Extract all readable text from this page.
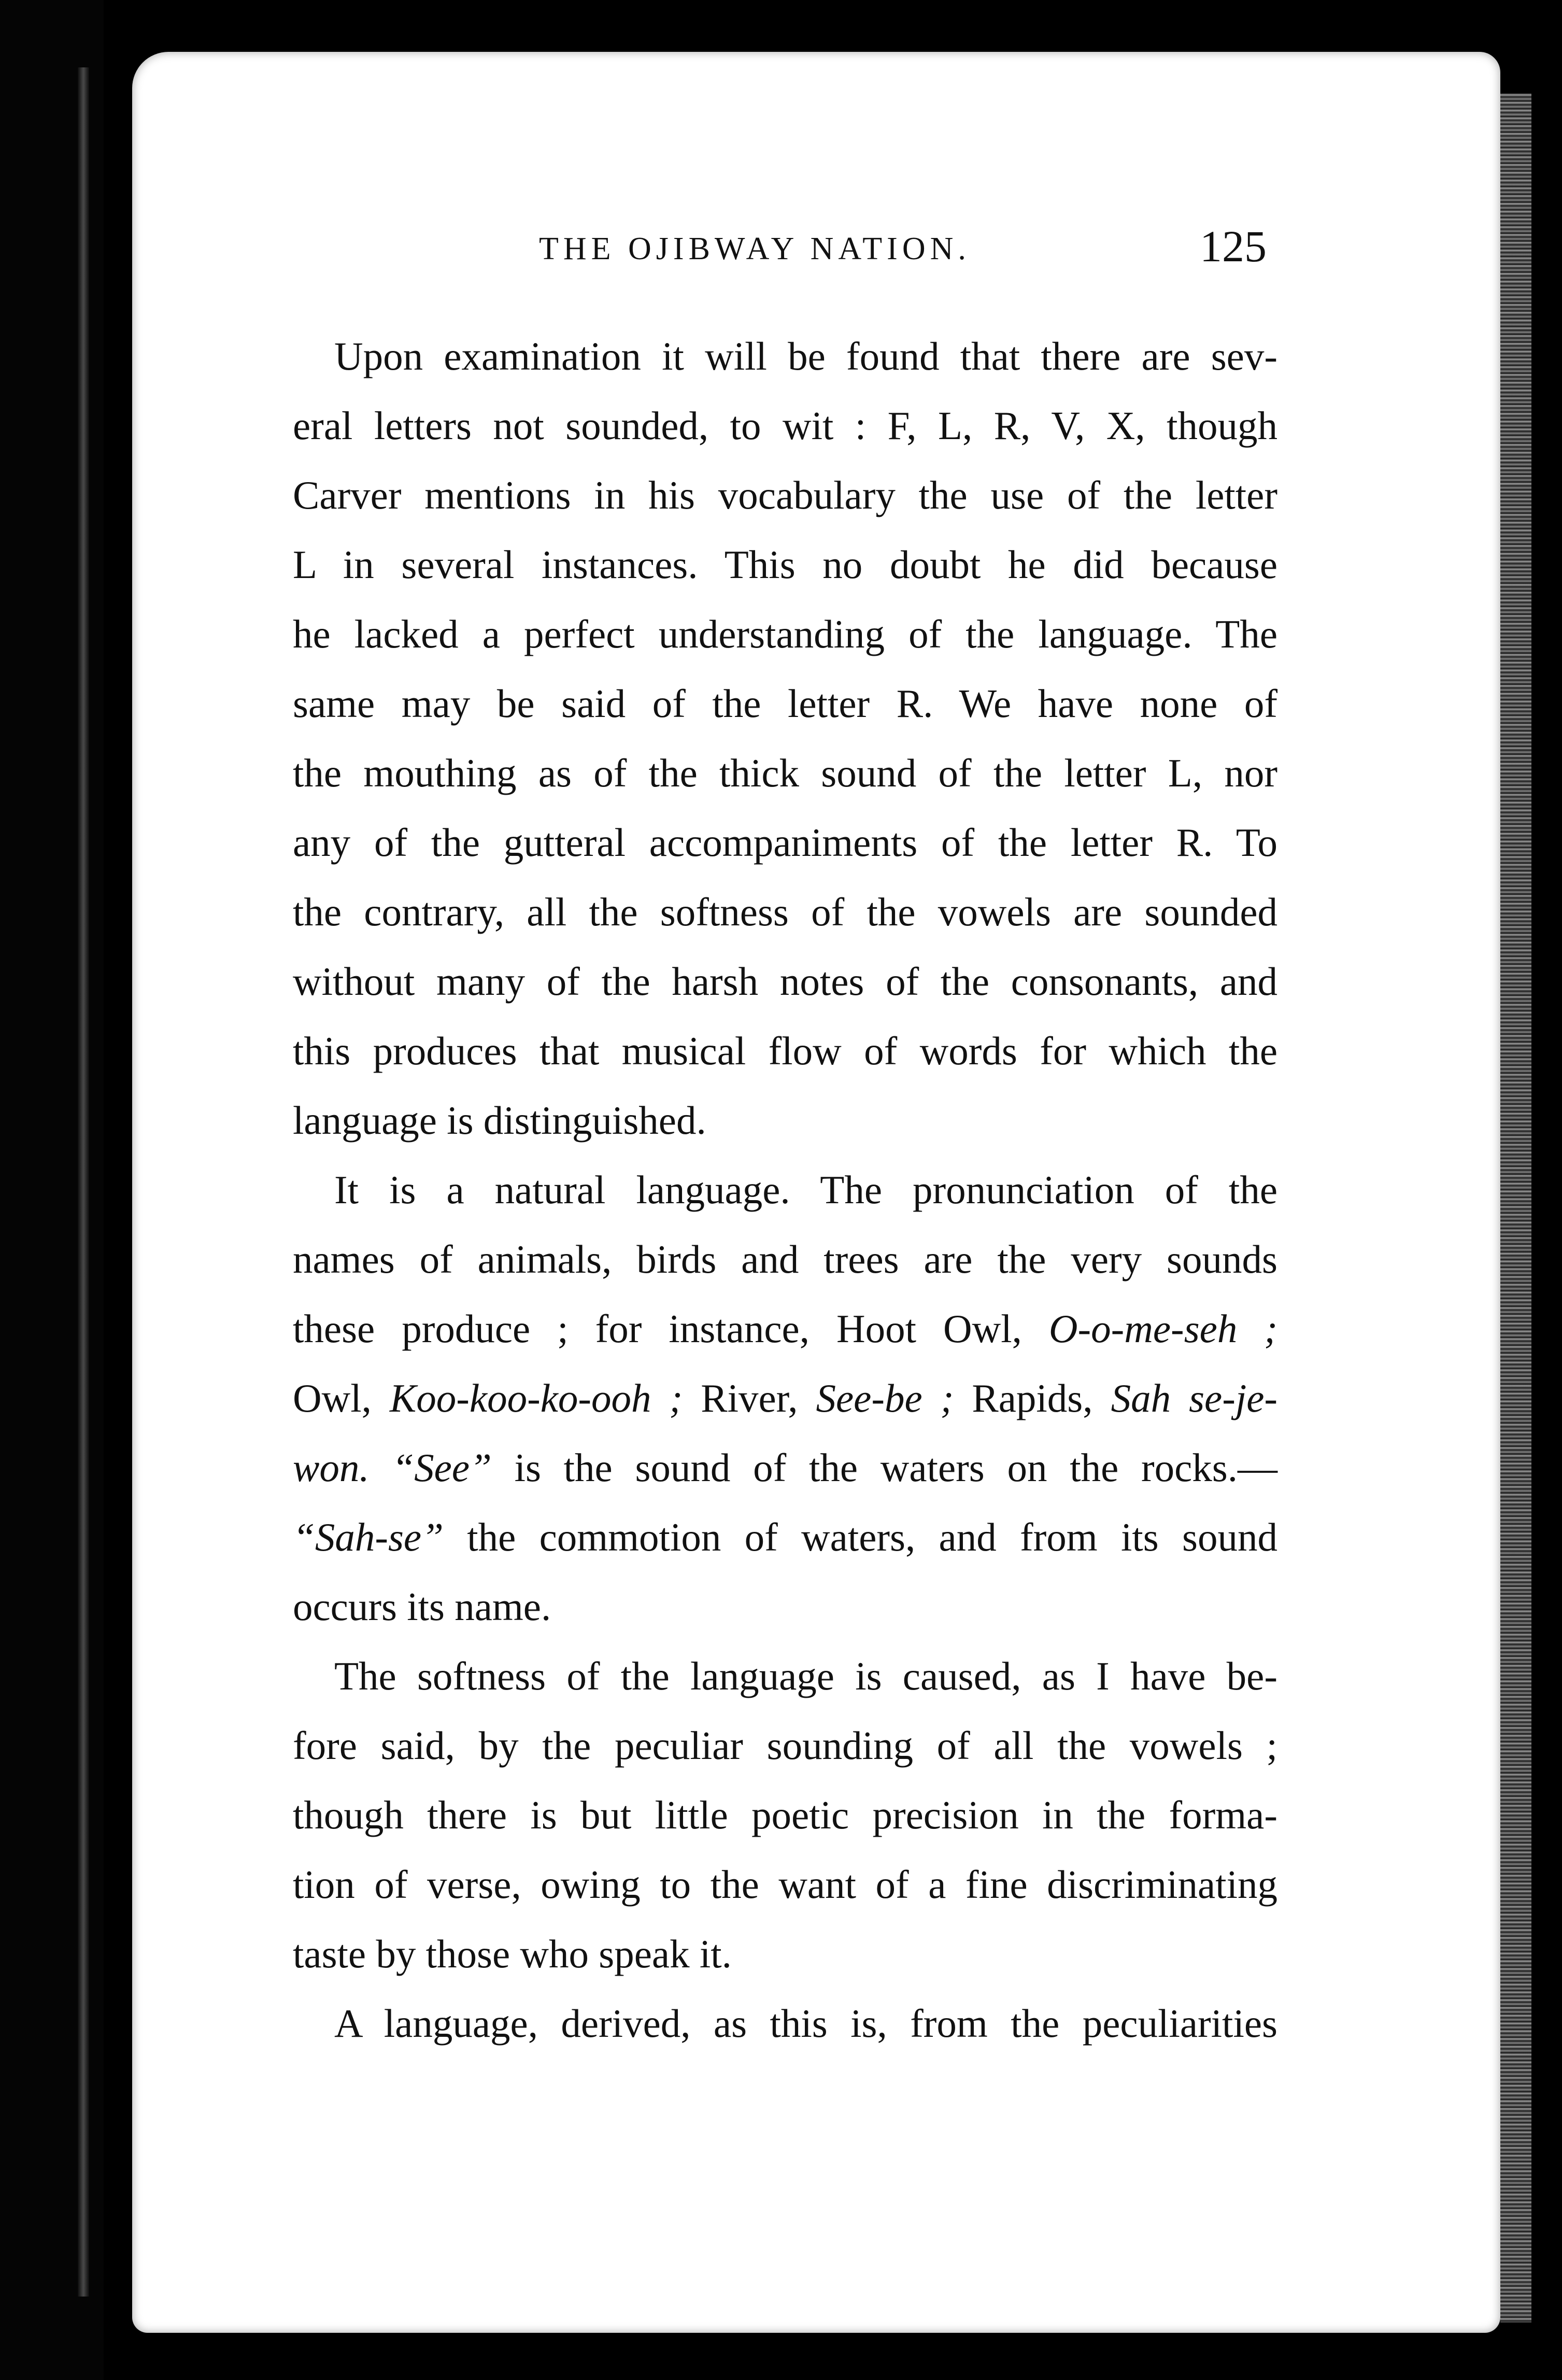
THE OJIBWAY NATION.	125
Upon examination it will be found that there are sev-
eral letters not sounded, to wit : F, L, R, V, X, though
Carver mentions in his vocabulary the use of the letter
L in several instances. This no doubt he did because
he lacked a perfect understanding of the language. The
same may be said of the letter R. We have none of
the mouthing as of the thick sound of the letter L, nor
any of the gutteral accompaniments of the letter R. To
the contrary, all the softness of the vowels are sounded
without many of the harsh notes of the consonants, and
this produces that musical flow of words for which the
language is distinguished.
It is a natural language. The pronunciation of the
names of animals, birds and trees are the very sounds
these produce ; for instance, Hoot Owl, O-o-me-seh ;
Owl, Koo-koo-ko-ooh ; River, See-be ; Rapids, Sah se-je-
won. “See” is the sound of the waters on the rocks.—
“Sah-se” the commotion of waters, and from its sound
occurs its name.
The softness of the language is caused, as I have be-
fore said, by the peculiar sounding of all the vowels ;
though there is but little poetic precision in the forma-
tion of verse, owing to the want of a fine discriminating
taste by those who speak it.
A language, derived, as this is, from the peculiarities
